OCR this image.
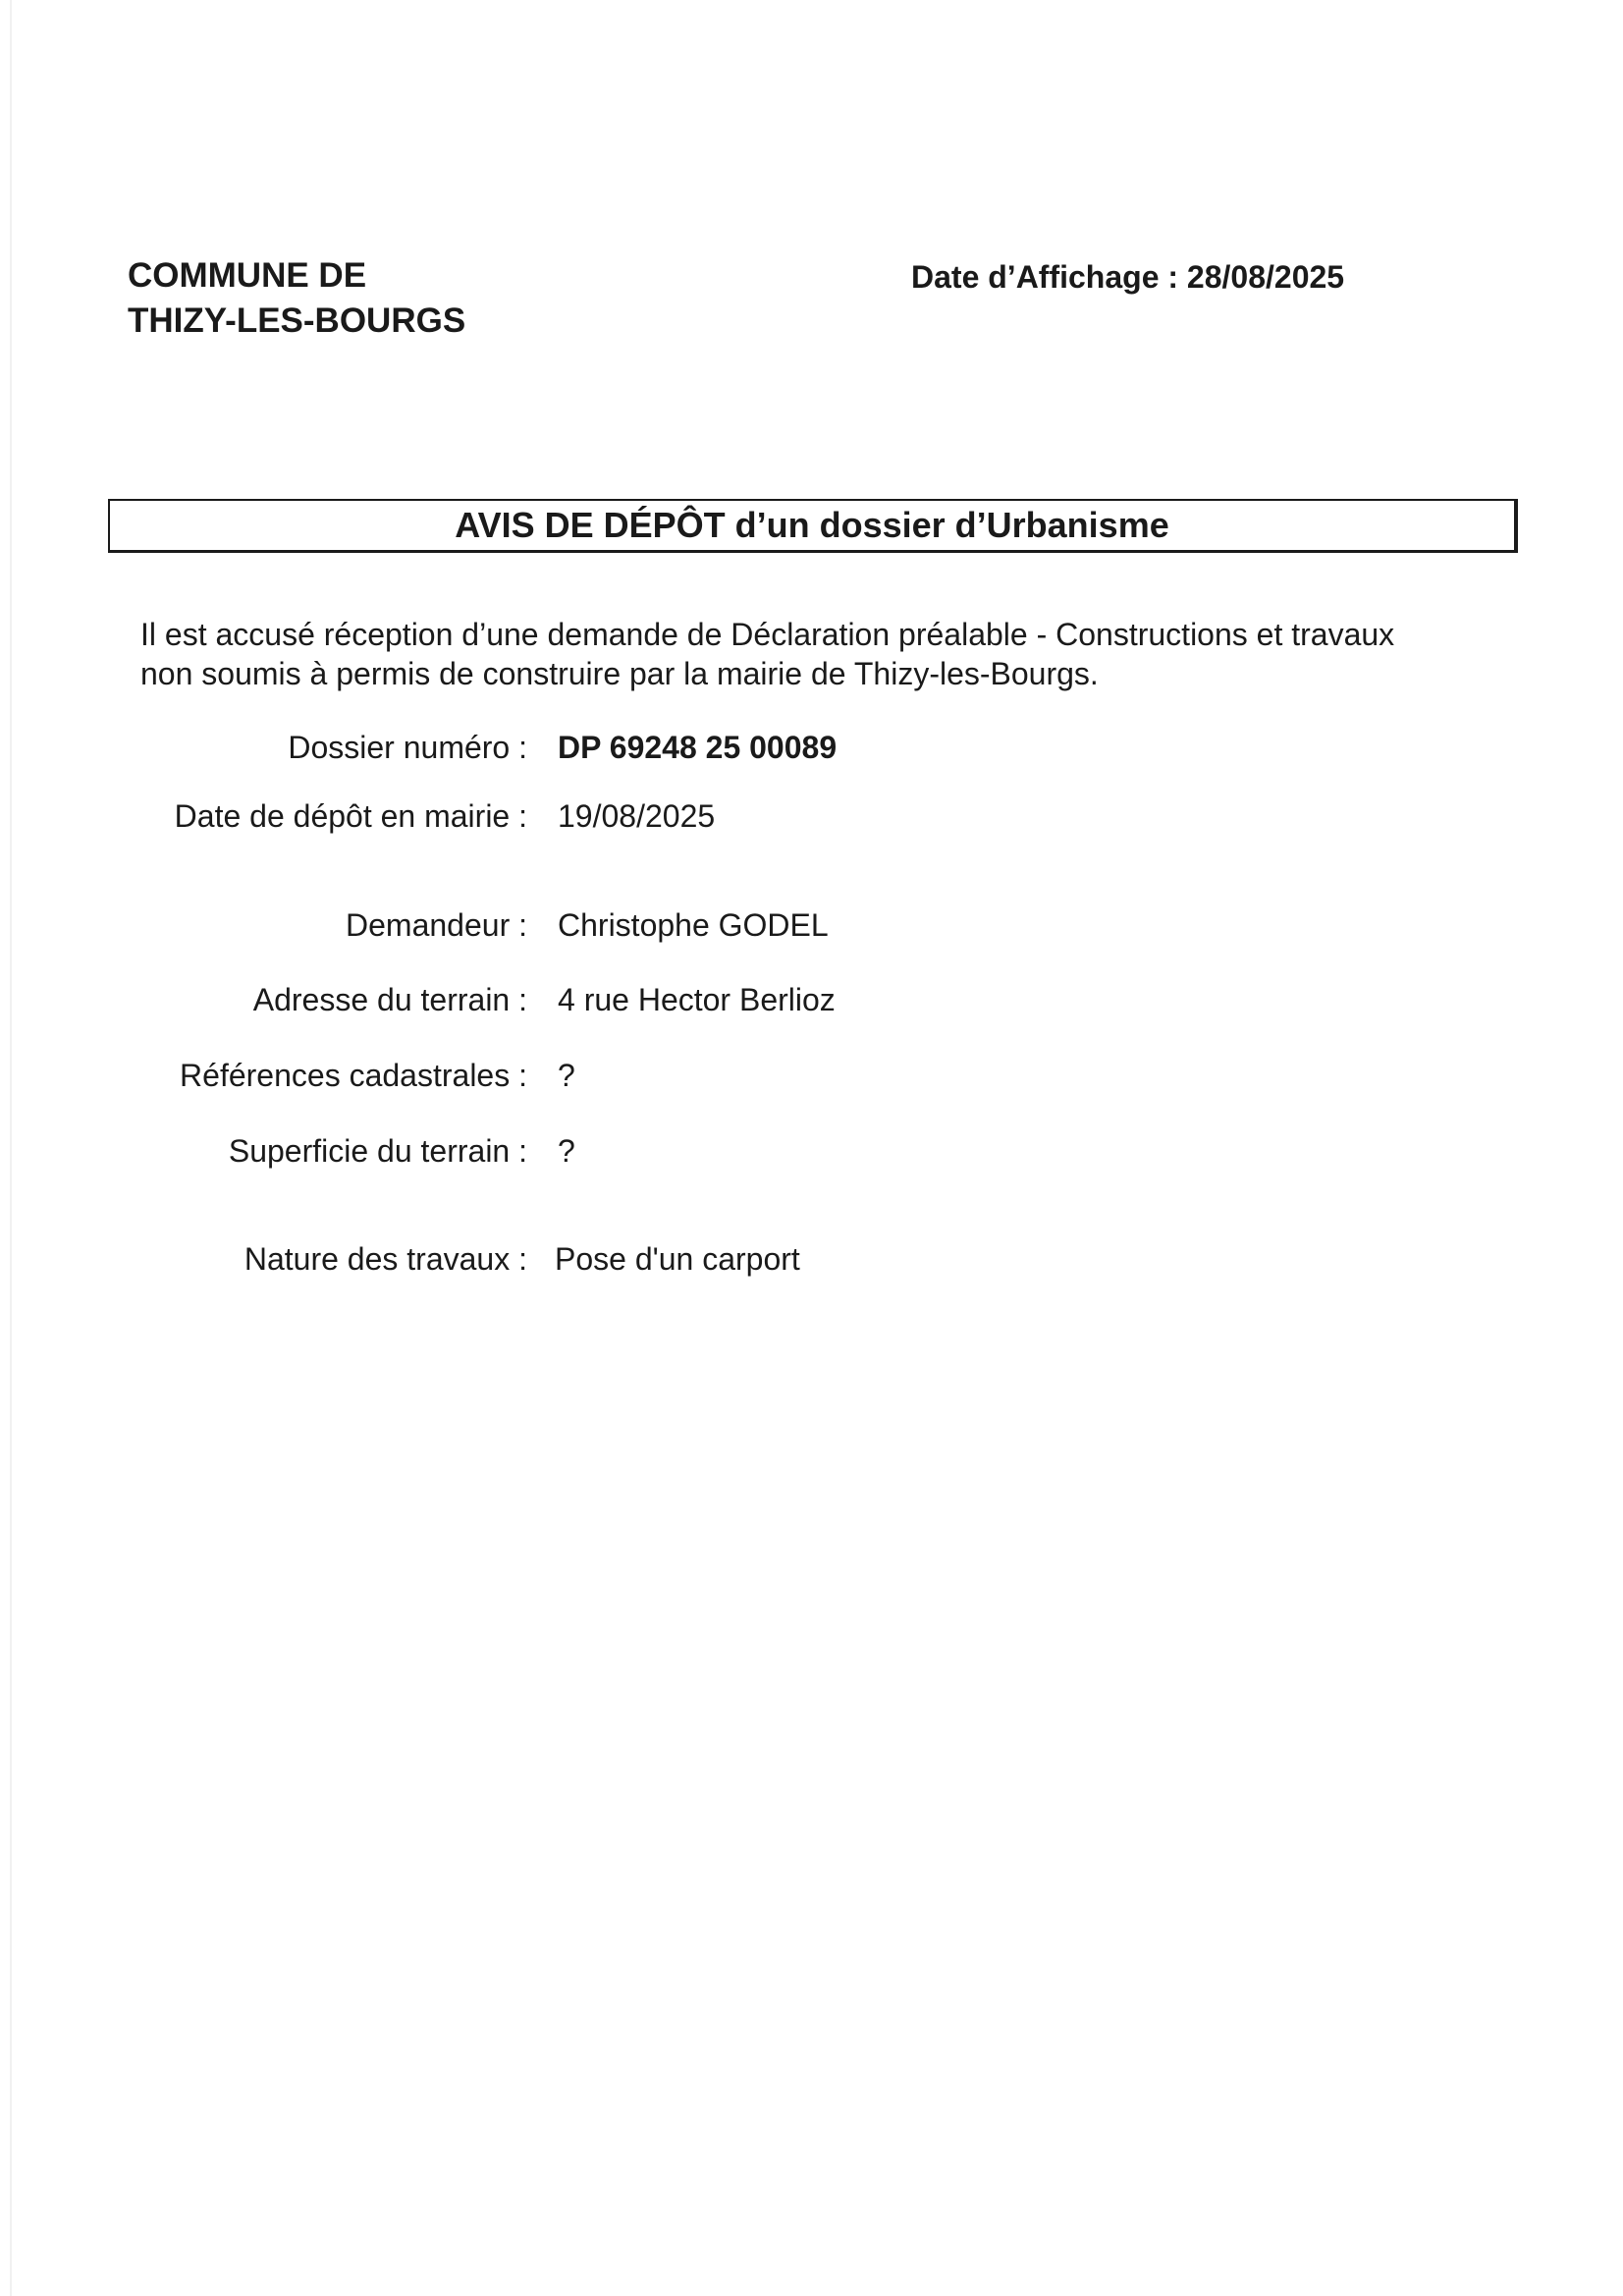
COMMUNE DE
THIZY-LES-BOURGS
Date d’Affichage : 28/08/2025
AVIS DE DÉPÔT d’un dossier d’Urbanisme
Il est accusé réception d’une demande de Déclaration préalable - Constructions et travaux
non soumis à permis de construire par la mairie de Thizy-les-Bourgs.
Dossier numéro : DP 69248 25 00089
Date de dépôt en mairie : 19/08/2025
Demandeur : Christophe GODEL
Adresse du terrain : 4 rue Hector Berlioz
Références cadastrales : ?
Superficie du terrain : ?
Nature des travaux : Pose d'un carport
